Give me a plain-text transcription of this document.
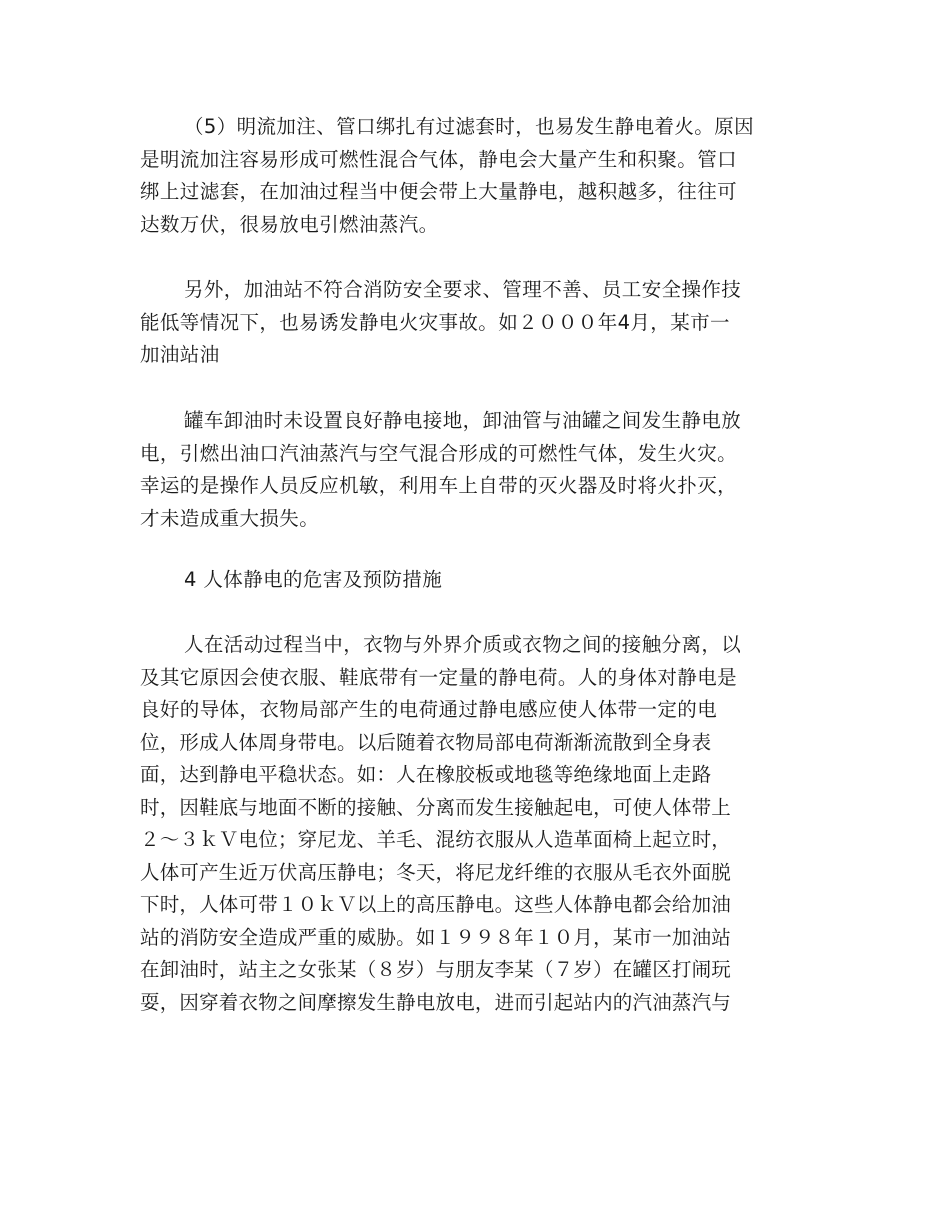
（5）明流加注、管口绑扎有过滤套时，也易发生静电着火。原因
是明流加注容易形成可燃性混合气体，静电会大量产生和积聚。管口
绑上过滤套，在加油过程当中便会带上大量静电，越积越多，往往可
达数万伏，很易放电引燃油蒸汽。
另外，加油站不符合消防安全要求、管理不善、员工安全操作技
能低等情况下，也易诱发静电火灾事故。如２０００年4月，某市一
加油站油
罐车卸油时未设置良好静电接地，卸油管与油罐之间发生静电放
电，引燃出油口汽油蒸汽与空气混合形成的可燃性气体，发生火灾。
幸运的是操作人员反应机敏，利用车上自带的灭火器及时将火扑灭，
才未造成重大损失。
4 人体静电的危害及预防措施
人在活动过程当中，衣物与外界介质或衣物之间的接触分离，以
及其它原因会使衣服、鞋底带有一定量的静电荷。人的身体对静电是
良好的导体，衣物局部产生的电荷通过静电感应使人体带一定的电
位，形成人体周身带电。以后随着衣物局部电荷渐渐流散到全身表
面，达到静电平稳状态。如：人在橡胶板或地毯等绝缘地面上走路
时，因鞋底与地面不断的接触、分离而发生接触起电，可使人体带上
２～３ｋＶ电位；穿尼龙、羊毛、混纺衣服从人造革面椅上起立时，
人体可产生近万伏高压静电；冬天，将尼龙纤维的衣服从毛衣外面脱
下时，人体可带１０ｋＶ以上的高压静电。这些人体静电都会给加油
站的消防安全造成严重的威胁。如１９９８年１０月，某市一加油站
在卸油时，站主之女张某（８岁）与朋友李某（７岁）在罐区打闹玩
耍，因穿着衣物之间摩擦发生静电放电，进而引起站内的汽油蒸汽与
